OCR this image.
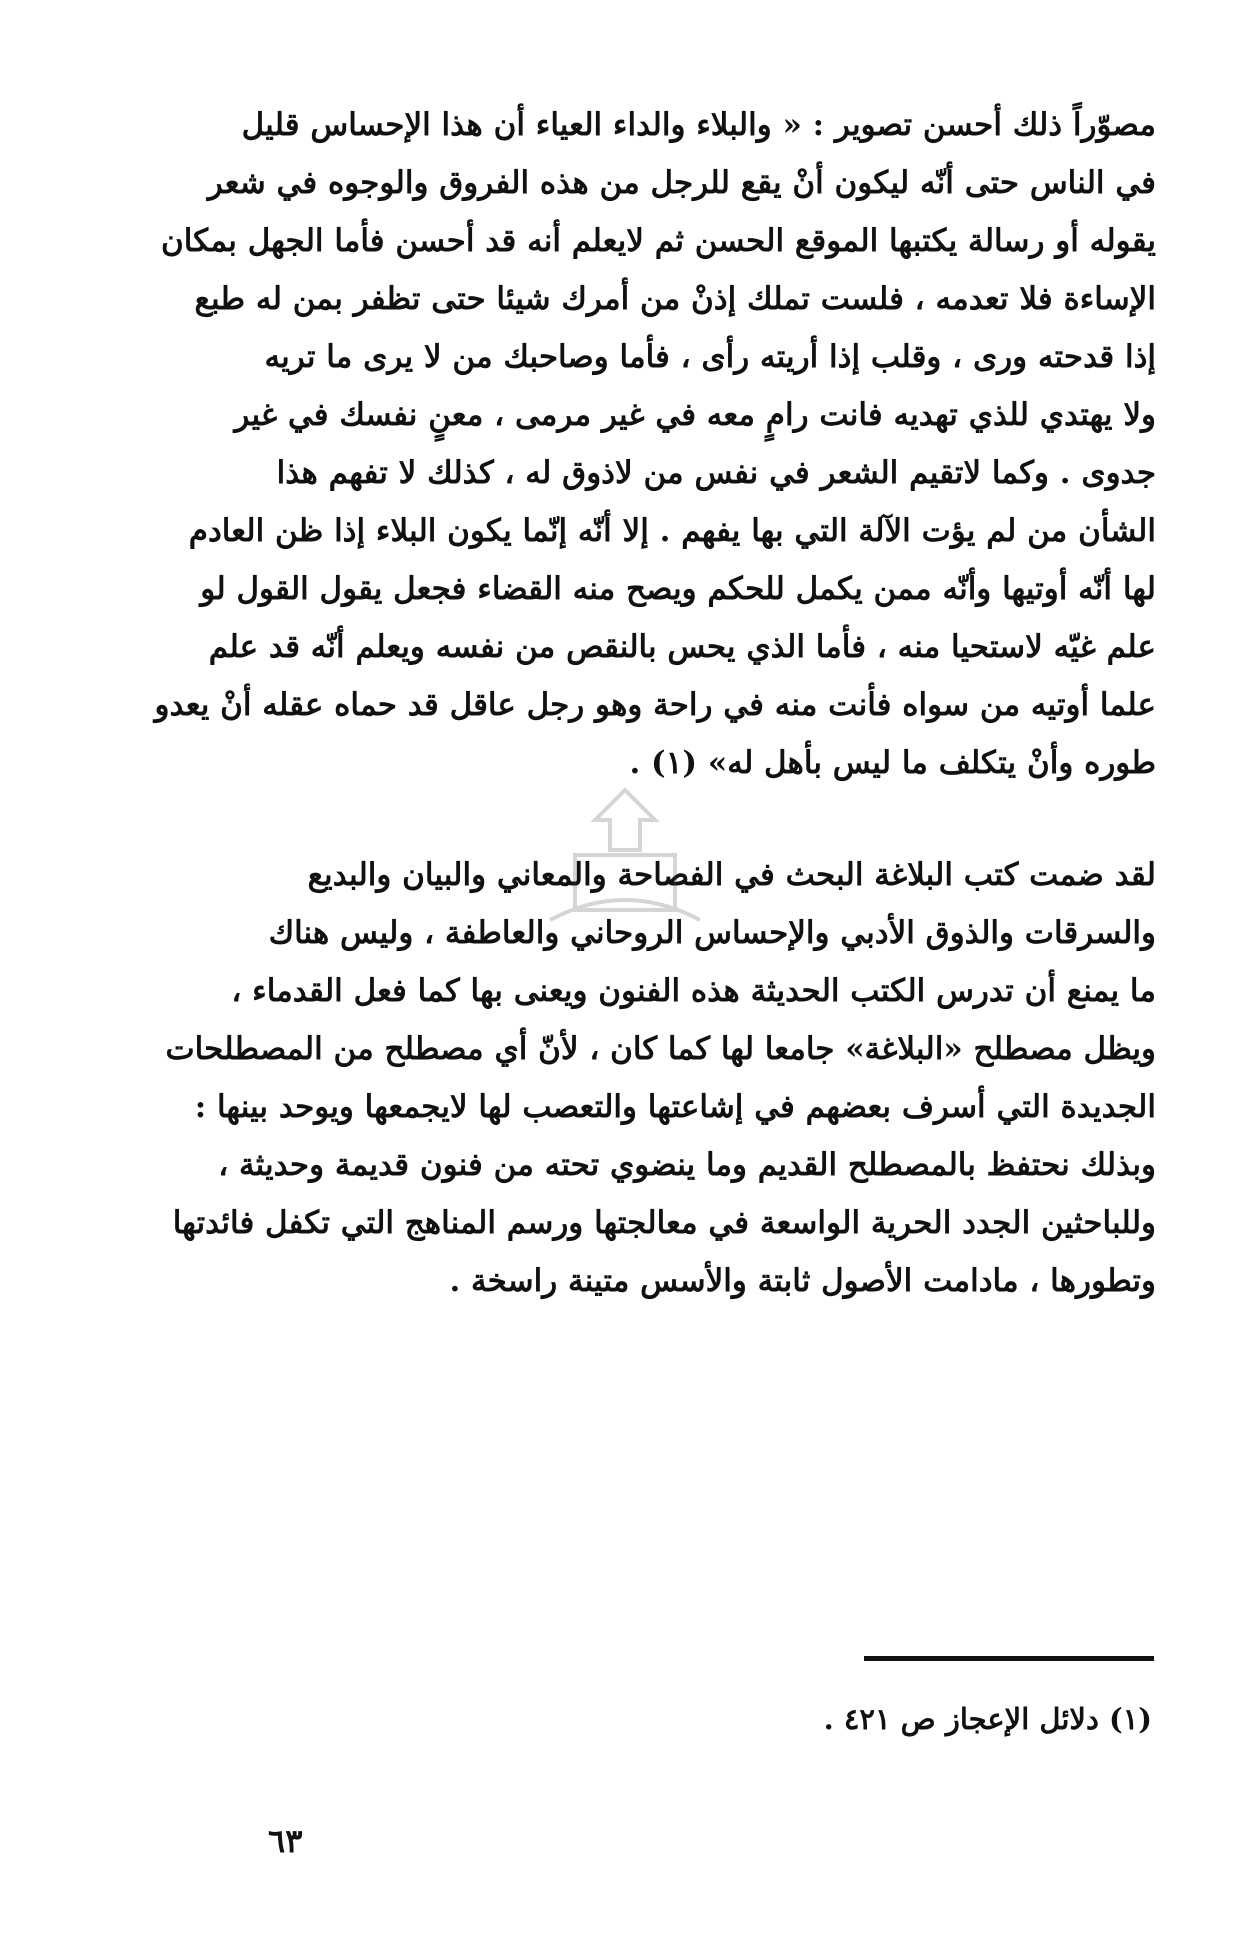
مصوّراً ذلك أحسن تصوير : « والبلاء والداء العياء أن هذا الإحساس قليل
في الناس حتى أنّه ليكون أنْ يقع للرجل من هذه الفروق والوجوه في شعر
يقوله أو رسالة يكتبها الموقع الحسن ثم لايعلم أنه قد أحسن فأما الجهل بمكان
الإساءة فلا تعدمه ، فلست تملك إذنْ من أمرك شيئا حتى تظفر بمن له طبع
إذا قدحته ورى ، وقلب إذا أريته رأى ، فأما وصاحبك من لا يرى ما تريه
ولا يهتدي للذي تهديه فانت رامٍ معه في غير مرمى ، معنٍ نفسك في غير
جدوى . وكما لاتقيم الشعر في نفس من لاذوق له ، كذلك لا تفهم هذا
الشأن من لم يؤت الآلة التي بها يفهم . إلا أنّه إنّما يكون البلاء إذا ظن العادم
لها أنّه أوتيها وأنّه ممن يكمل للحكم ويصح منه القضاء فجعل يقول القول لو
علم غيّه لاستحيا منه ، فأما الذي يحس بالنقص من نفسه ويعلم أنّه قد علم
علما أوتيه من سواه فأنت منه في راحة وهو رجل عاقل قد حماه عقله أنْ يعدو
طوره وأنْ يتكلف ما ليس بأهل له» (١) .
لقد ضمت كتب البلاغة البحث في الفصاحة والمعاني والبيان والبديع
والسرقات والذوق الأدبي والإحساس الروحاني والعاطفة ، وليس هناك
ما يمنع أن تدرس الكتب الحديثة هذه الفنون ويعنى بها كما فعل القدماء ،
ويظل مصطلح «البلاغة» جامعا لها كما كان ، لأنّ أي مصطلح من المصطلحات
الجديدة التي أسرف بعضهم في إشاعتها والتعصب لها لايجمعها ويوحد بينها :
وبذلك نحتفظ بالمصطلح القديم وما ينضوي تحته من فنون قديمة وحديثة ،
وللباحثين الجدد الحرية الواسعة في معالجتها ورسم المناهج التي تكفل فائدتها
وتطورها ، مادامت الأصول ثابتة والأسس متينة راسخة .
(١) دلائل الإعجاز ص ٤٢١ .
٦٣
